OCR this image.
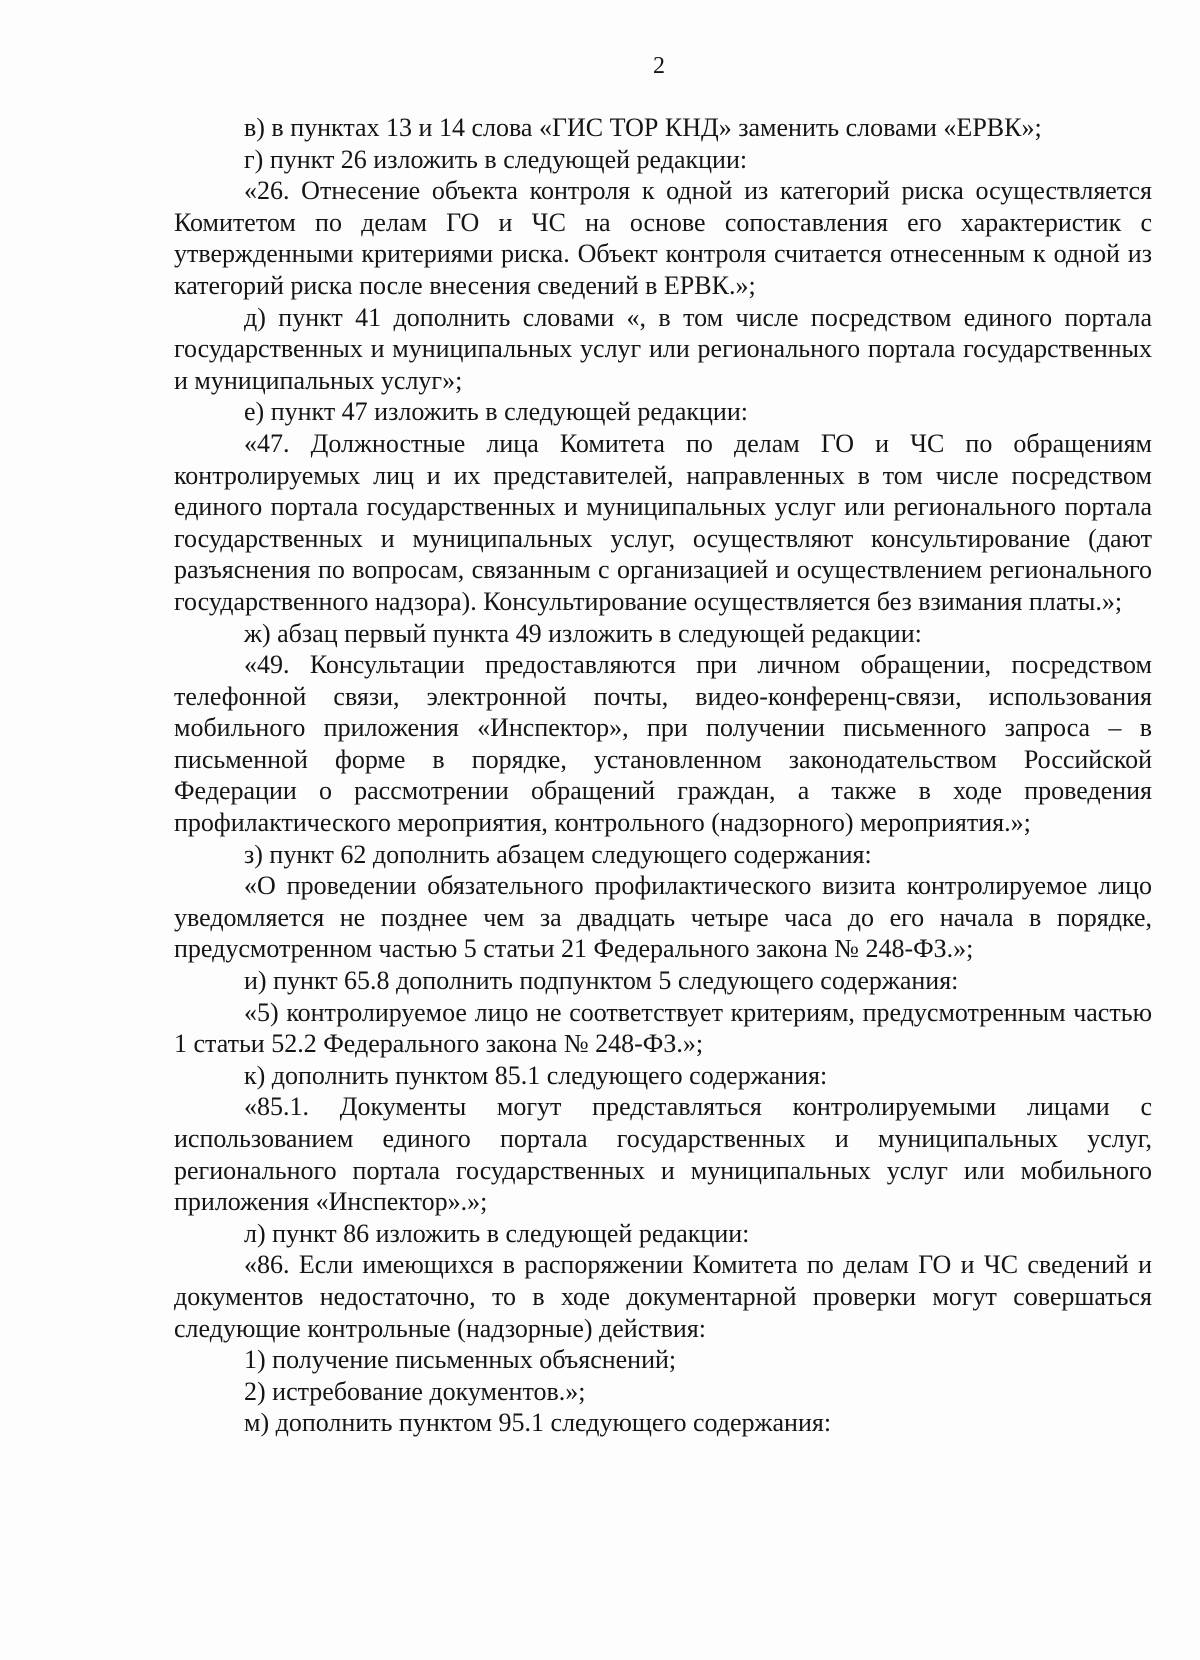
2

в) в пунктах 13 и 14 слова «ГИС ТОР КНД» заменить словами «ЕРВК»;

г) пункт 26 изложить в следующей редакции:

«26. Отнесение объекта контроля к одной из категорий риска осуществляется Комитетом по делам ГО и ЧС на основе сопоставления его характеристик с утвержденными критериями риска. Объект контроля считается отнесенным к одной из категорий риска после внесения сведений в ЕРВК.»;

д) пункт 41 дополнить словами «, в том числе посредством единого портала государственных и муниципальных услуг или регионального портала государственных и муниципальных услуг»;

е) пункт 47 изложить в следующей редакции:

«47. Должностные лица Комитета по делам ГО и ЧС по обращениям контролируемых лиц и их представителей, направленных в том числе посредством единого портала государственных и муниципальных услуг или регионального портала государственных и муниципальных услуг, осуществляют консультирование (дают разъяснения по вопросам, связанным с организацией и осуществлением регионального государственного надзора). Консультирование осуществляется без взимания платы.»;

ж) абзац первый пункта 49 изложить в следующей редакции:

«49. Консультации предоставляются при личном обращении, посредством телефонной связи, электронной почты, видео-конференц-связи, использования мобильного приложения «Инспектор», при получении письменного запроса – в письменной форме в порядке, установленном законодательством Российской Федерации о рассмотрении обращений граждан, а также в ходе проведения профилактического мероприятия, контрольного (надзорного) мероприятия.»;

з) пункт 62 дополнить абзацем следующего содержания:

«О проведении обязательного профилактического визита контролируемое лицо уведомляется не позднее чем за двадцать четыре часа до его начала в порядке, предусмотренном частью 5 статьи 21 Федерального закона № 248-ФЗ.»;

и) пункт 65.8 дополнить подпунктом 5 следующего содержания:

«5) контролируемое лицо не соответствует критериям, предусмотренным частью 1 статьи 52.2 Федерального закона № 248-ФЗ.»;

к) дополнить пунктом 85.1 следующего содержания:

«85.1. Документы могут представляться контролируемыми лицами с использованием единого портала государственных и муниципальных услуг, регионального портала государственных и муниципальных услуг или мобильного приложения «Инспектор».»;

л) пункт 86 изложить в следующей редакции:

«86. Если имеющихся в распоряжении Комитета по делам ГО и ЧС сведений и документов недостаточно, то в ходе документарной проверки могут совершаться следующие контрольные (надзорные) действия:

1) получение письменных объяснений;

2) истребование документов.»;

м) дополнить пунктом 95.1 следующего содержания:
